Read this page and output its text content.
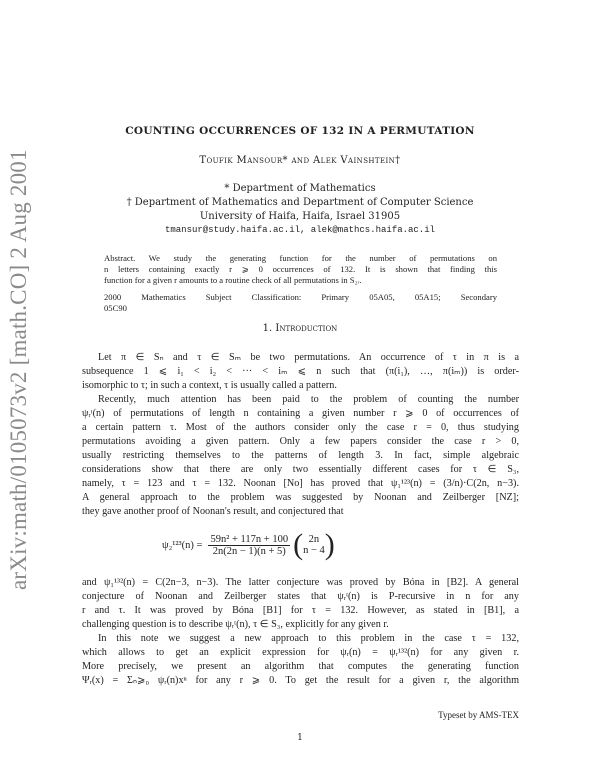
arXiv:math/0105073v2 [math.CO] 2 Aug 2001
COUNTING OCCURRENCES OF 132 IN A PERMUTATION
Toufik Mansour* and Alek Vainshtein†
* Department of Mathematics
† Department of Mathematics and Department of Computer Science
University of Haifa, Haifa, Israel 31905
tmansur@study.haifa.ac.il, alek@mathcs.haifa.ac.il
Abstract. We study the generating function for the number of permutations on
n letters containing exactly r ⩾ 0 occurrences of 132. It is shown that finding this
function for a given r amounts to a routine check of all permutations in S₂ᵣ.
2000 Mathematics Subject Classification: Primary 05A05, 05A15; Secondary
05C90
1. Introduction
Let π ∈ Sₙ and τ ∈ Sₘ be two permutations. An occurrence of τ in π is a
subsequence 1 ⩽ i₁ < i₂ < ··· < iₘ ⩽ n such that (π(i₁), …, π(iₘ)) is order-
isomorphic to τ; in such a context, τ is usually called a pattern.
Recently, much attention has been paid to the problem of counting the number
ψᵣᵗ(n) of permutations of length n containing a given number r ⩾ 0 of occurrences of
a certain pattern τ. Most of the authors consider only the case r = 0, thus studying
permutations avoiding a given pattern. Only a few papers consider the case r > 0,
usually restricting themselves to the patterns of length 3. In fact, simple algebraic
considerations show that there are only two essentially different cases for τ ∈ S₃,
namely, τ = 123 and τ = 132. Noonan [No] has proved that ψ₁¹²³(n) = (3/n)·C(2n, n−3).
A general approach to the problem was suggested by Noonan and Zeilberger [NZ];
they gave another proof of Noonan's result, and conjectured that
$\psi_2^{123}(n) = \frac{\text{59n² + 117n + 100}}{2n(2n - 1)(n + 5)}$ ( 2n
n − 4 )
and ψ₁¹³²(n) = C(2n−3, n−3). The latter conjecture was proved by Bóna in [B2]. A general
conjecture of Noonan and Zeilberger states that ψᵣᵗ(n) is P-recursive in n for any
r and τ. It was proved by Bóna [B1] for τ = 132. However, as stated in [B1], a
challenging question is to describe ψᵣᵗ(n), τ ∈ S₃, explicitly for any given r.
In this note we suggest a new approach to this problem in the case τ = 132,
which allows to get an explicit expression for ψᵣ(n) = ψᵣ¹³²(n) for any given r.
More precisely, we present an algorithm that computes the generating function
Ψᵣ(x) = Σₙ⩾₀ ψᵣ(n)xⁿ for any r ⩾ 0. To get the result for a given r, the algorithm
Typeset by AMS-TEX
1
